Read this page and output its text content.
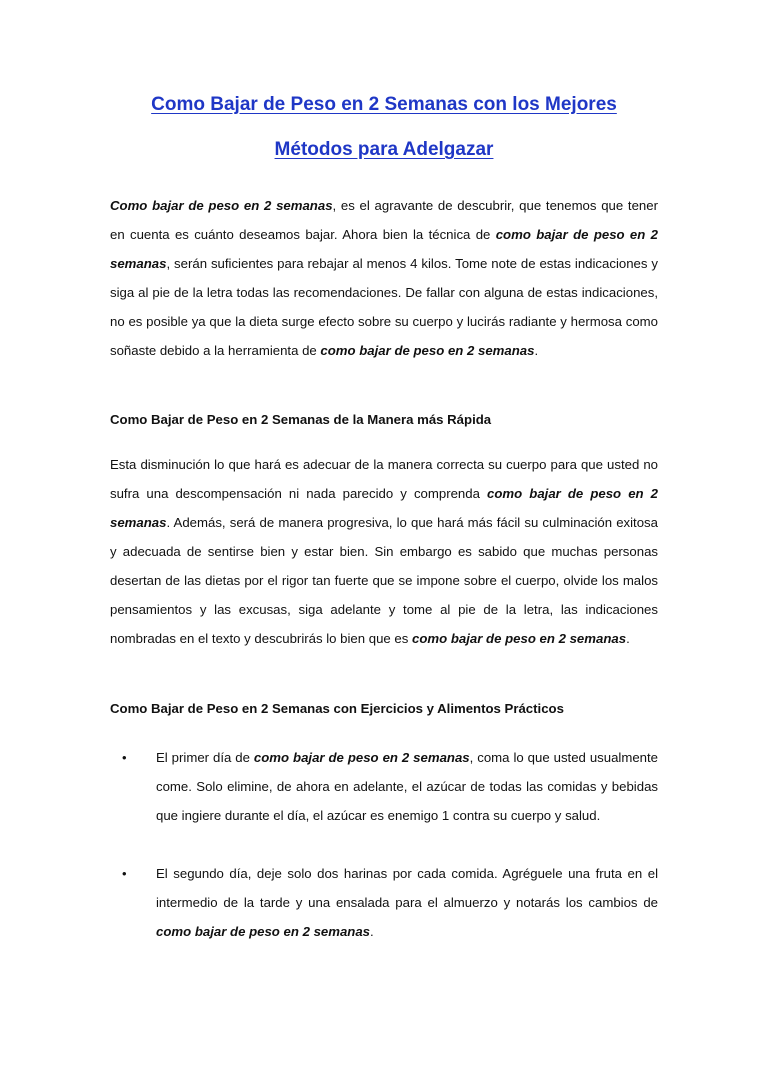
Como Bajar de Peso en 2 Semanas con los Mejores
Métodos para Adelgazar

Como bajar de peso en 2 semanas, es el agravante de descubrir, que tenemos que tener en cuenta es cuánto deseamos bajar. Ahora bien la técnica de como bajar de peso en 2 semanas, serán suficientes para rebajar al menos 4 kilos. Tome note de estas indicaciones y siga al pie de la letra todas las recomendaciones. De fallar con alguna de estas indicaciones, no es posible ya que la dieta surge efecto sobre su cuerpo y lucirás radiante y hermosa como soñaste debido a la herramienta de como bajar de peso en 2 semanas.

Como Bajar de Peso en 2 Semanas de la Manera más Rápida

Esta disminución lo que hará es adecuar de la manera correcta su cuerpo para que usted no sufra una descompensación ni nada parecido y comprenda como bajar de peso en 2 semanas. Además, será de manera progresiva, lo que hará más fácil su culminación exitosa y adecuada de sentirse bien y estar bien. Sin embargo es sabido que muchas personas desertan de las dietas por el rigor tan fuerte que se impone sobre el cuerpo, olvide los malos pensamientos y las excusas, siga adelante y tome al pie de la letra, las indicaciones nombradas en el texto y descubrirás lo bien que es como bajar de peso en 2 semanas.

Como Bajar de Peso en 2 Semanas con Ejercicios y Alimentos Prácticos

• El primer día de como bajar de peso en 2 semanas, coma lo que usted usualmente come. Solo elimine, de ahora en adelante, el azúcar de todas las comidas y bebidas que ingiere durante el día, el azúcar es enemigo 1 contra su cuerpo y salud.
• El segundo día, deje solo dos harinas por cada comida. Agréguele una fruta en el intermedio de la tarde y una ensalada para el almuerzo y notarás los cambios de como bajar de peso en 2 semanas.
